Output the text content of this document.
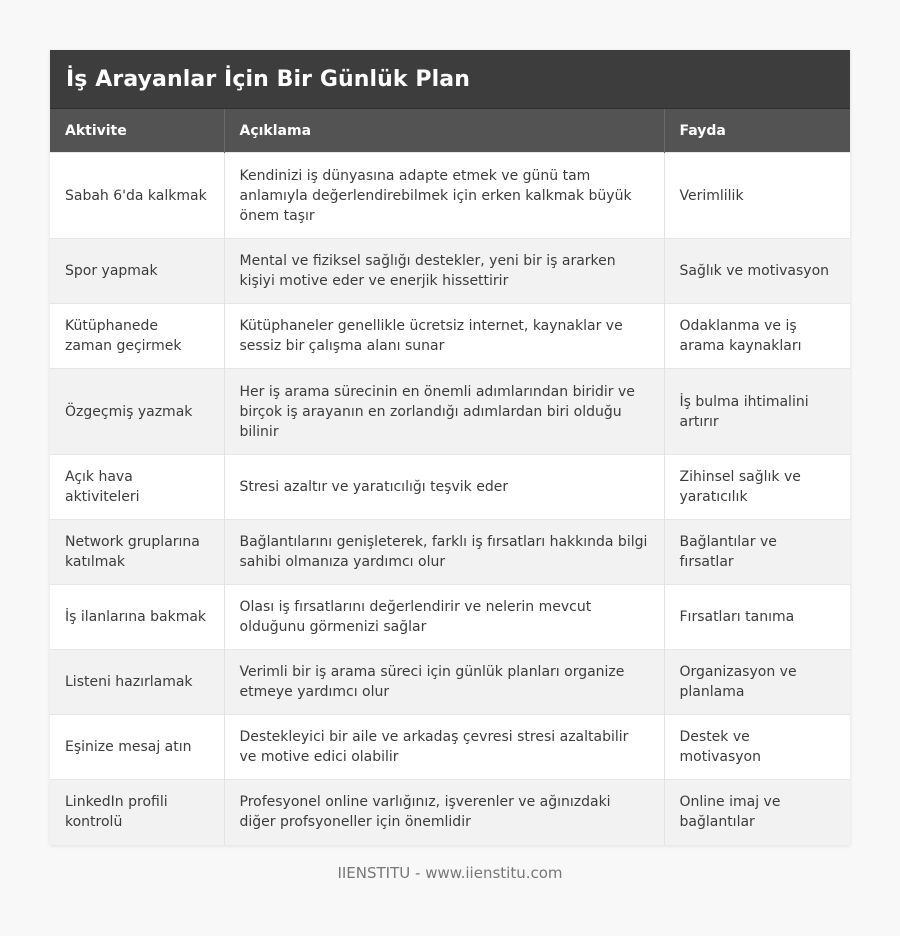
İş Arayanlar İçin Bir Günlük Plan
Aktivite	Açıklama	Fayda
Sabah 6'da kalkmak	Kendinizi iş dünyasına adapte etmek ve günü tam anlamıyla değerlendirebilmek için erken kalkmak büyük önem taşır	Verimlilik
Spor yapmak	Mental ve fiziksel sağlığı destekler, yeni bir iş ararken kişiyi motive eder ve enerjik hissettirir	Sağlık ve motivasyon
Kütüphanede zaman geçirmek	Kütüphaneler genellikle ücretsiz internet, kaynaklar ve sessiz bir çalışma alanı sunar	Odaklanma ve iş arama kaynakları
Özgeçmiş yazmak	Her iş arama sürecinin en önemli adımlarından biridir ve birçok iş arayanın en zorlandığı adımlardan biri olduğu bilinir	İş bulma ihtimalini artırır
Açık hava aktiviteleri	Stresi azaltır ve yaratıcılığı teşvik eder	Zihinsel sağlık ve yaratıcılık
Network gruplarına katılmak	Bağlantılarını genişleterek, farklı iş fırsatları hakkında bilgi sahibi olmanıza yardımcı olur	Bağlantılar ve fırsatlar
İş ilanlarına bakmak	Olası iş fırsatlarını değerlendirir ve nelerin mevcut olduğunu görmenizi sağlar	Fırsatları tanıma
Listeni hazırlamak	Verimli bir iş arama süreci için günlük planları organize etmeye yardımcı olur	Organizasyon ve planlama
Eşinize mesaj atın	Destekleyici bir aile ve arkadaş çevresi stresi azaltabilir ve motive edici olabilir	Destek ve motivasyon
LinkedIn profili kontrolü	Profesyonel online varlığınız, işverenler ve ağınızdaki diğer profsyoneller için önemlidir	Online imaj ve bağlantılar
IIENSTITU - www.iienstitu.com
